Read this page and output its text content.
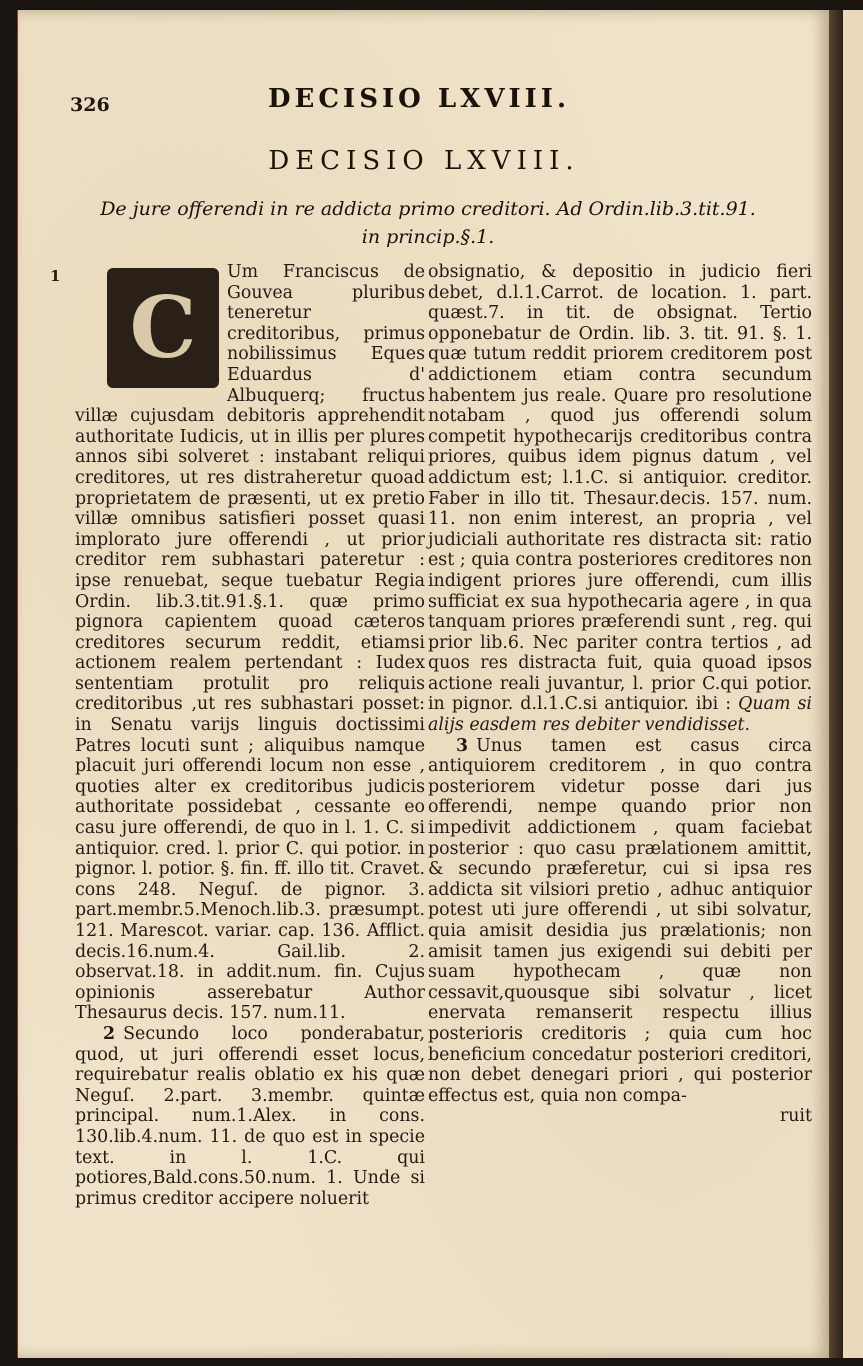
326	DECISIO LXVIII.
DECISIO LXVIII.
De jure offerendi in re addicta primo creditori. Ad Ordin.lib.3.tit.91.
in princip.§.1.

1
C
Um Franciscus de Gouvea pluribus teneretur creditoribus, primus nobilissimus Eques Eduardus d' Albuquerq; fructus villæ cujusdam debitoris apprehendit authoritate Iudicis, ut in illis per plures annos sibi solveret : instabant reliqui creditores, ut res distraheretur quoad proprietatem de præsenti, ut ex pretio villæ omnibus satisfieri posset quasi implorato jure offerendi , ut prior creditor rem subhastari pateretur : ipse renuebat, seque tuebatur Regia Ordin. lib.3.tit.91.§.1. quæ primo pignora capientem quoad cæteros creditores securum reddit, etiamsi actionem realem pertendant : Iudex sententiam protulit pro reliquis creditoribus ,ut res subhastari posset: in Senatu varijs linguis doctissimi Patres locuti sunt ; aliquibus namque placuit juri offerendi locum non esse , quoties alter ex creditoribus judicis authoritate possidebat , cessante eo casu jure offerendi, de quo in l. 1. C. si antiquior. cred. l. prior C. qui potior. in pignor. l. potior. §. fin. ff. illo tit. Cravet. cons 248. Neguſ. de pignor. 3. part.membr.5.Menoch.lib.3. præsumpt. 121. Marescot. variar. cap. 136. Afflict. decis.16.num.4. Gail.lib. 2. observat.18. in addit.num. fin. Cujus opinionis asserebatur Author Thesaurus decis. 157. num.11.

2 Secundo loco ponderabatur, quod, ut juri offerendi esset locus, requirebatur realis oblatio ex his quæ Neguſ. 2.part. 3.membr. quintæ principal. num.1.Alex. in cons. 130.lib.4.num. 11. de quo est in specie text. in l. 1.C. qui potiores,Bald.cons.50.num. 1. Unde si primus creditor accipere noluerit

obsignatio, & depositio in judicio fieri debet, d.l.1.Carrot. de location. 1. part. quæst.7. in tit. de obsignat. Tertio opponebatur de Ordin. lib. 3. tit. 91. §. 1. quæ tutum reddit priorem creditorem post addictionem etiam contra secundum habentem jus reale. Quare pro resolutione notabam , quod jus offerendi solum competit hypothecarijs creditoribus contra priores, quibus idem pignus datum , vel addictum est; l.1.C. si antiquior. creditor. Faber in illo tit. Thesaur.decis. 157. num. 11. non enim interest, an propria , vel judiciali authoritate res distracta sit: ratio est ; quia contra posteriores creditores non indigent priores jure offerendi, cum illis sufficiat ex sua hypothecaria agere , in qua tanquam priores præferendi sunt , reg. qui prior lib.6. Nec pariter contra tertios , ad quos res distracta fuit, quia quoad ipsos actione reali juvantur, l. prior C.qui potior. in pignor. d.l.1.C.si antiquior. ibi : Quam si alijs easdem res debiter vendidisset.

3 Unus tamen est casus circa antiquiorem creditorem , in quo contra posteriorem videtur posse dari jus offerendi, nempe quando prior non impedivit addictionem , quam faciebat posterior : quo casu prælationem amittit, & secundo præferetur, cui si ipsa res addicta sit vilsiori pretio , adhuc antiquior potest uti jure offerendi , ut sibi solvatur, quia amisit desidia jus prælationis; non amisit tamen jus exigendi sui debiti per suam hypothecam , quæ non cessavit,quousque sibi solvatur , licet enervata remanserit respectu illius posterioris creditoris ; quia cum hoc beneficium concedatur posteriori creditori, non debet denegari priori , qui posterior effectus est, quia non compa-
ruit
